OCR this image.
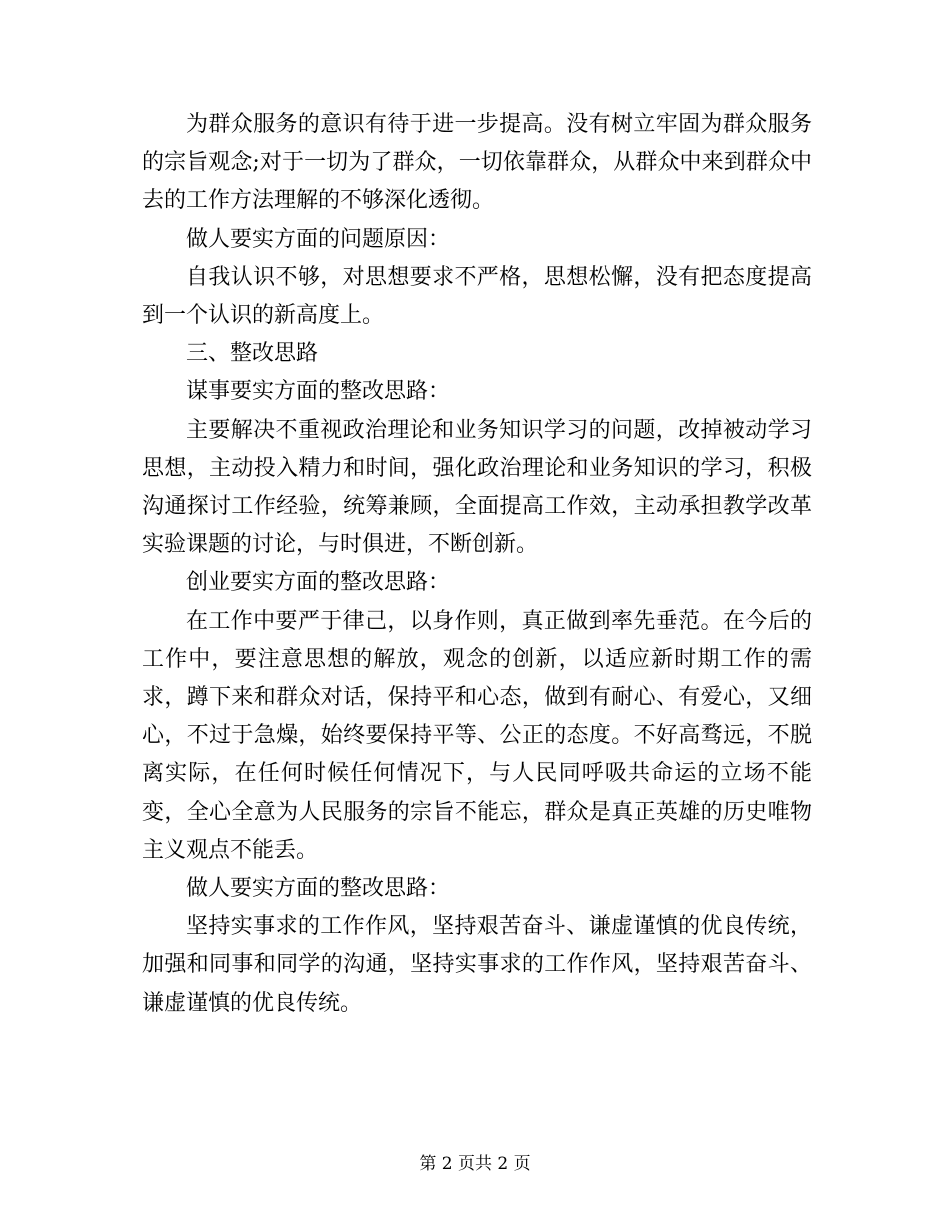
为群众服务的意识有待于进一步提高。没有树立牢固为群众服务的宗旨观念;对于一切为了群众，一切依靠群众，从群众中来到群众中去的工作方法理解的不够深化透彻。

做人要实方面的问题原因：

自我认识不够，对思想要求不严格，思想松懈，没有把态度提高到一个认识的新高度上。

三、整改思路

谋事要实方面的整改思路：

主要解决不重视政治理论和业务知识学习的问题，改掉被动学习思想，主动投入精力和时间，强化政治理论和业务知识的学习，积极沟通探讨工作经验，统筹兼顾，全面提高工作效，主动承担教学改革实验课题的讨论，与时俱进，不断创新。

创业要实方面的整改思路：

在工作中要严于律己，以身作则，真正做到率先垂范。在今后的工作中，要注意思想的解放，观念的创新，以适应新时期工作的需求，蹲下来和群众对话，保持平和心态，做到有耐心、有爱心，又细心，不过于急燥，始终要保持平等、公正的态度。不好高骛远，不脱离实际，在任何时候任何情况下，与人民同呼吸共命运的立场不能变，全心全意为人民服务的宗旨不能忘，群众是真正英雄的历史唯物主义观点不能丢。

做人要实方面的整改思路：

坚持实事求的工作作风，坚持艰苦奋斗、谦虚谨慎的优良传统，加强和同事和同学的沟通，坚持实事求的工作作风，坚持艰苦奋斗、谦虚谨慎的优良传统。

第 2 页共 2 页
